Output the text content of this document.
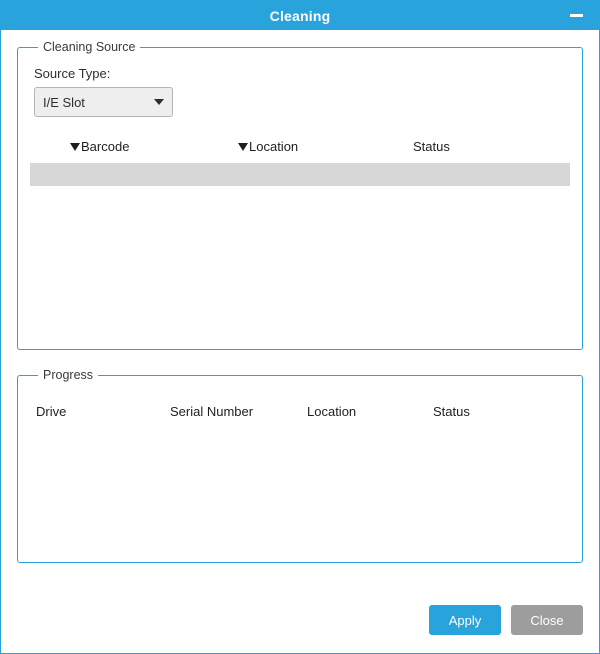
Cleaning
Cleaning Source
Source Type:
I/E Slot
Barcode	Location	Status
Progress
Drive	Serial Number	Location	Status
Apply	Close
